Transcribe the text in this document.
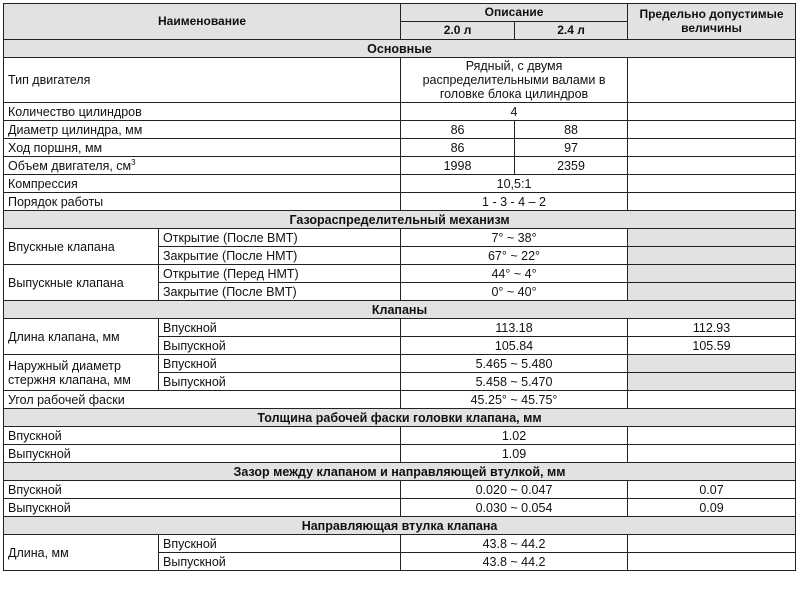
Наименование		Описание		Предельно допустимые величины
		2.0 л	2.4 л	
Основные				
Тип двигателя		Рядный, с двумя распределительными валами в головке блока цилиндров		
Количество цилиндров		4		
Диаметр цилиндра, мм		86	88	
Ход поршня, мм		86	97	
Объем двигателя, $см^3$		1998	2359	
Компрессия		10,5:1		
Порядок работы		1 - 3 - 4 – 2		
Газораспределительный механизм				
Впускные клапана	Открытие (После ВМТ)	7° ~ 38°		
	Закрытие (После НМТ)	67° ~ 22°		
Выпускные клапана	Открытие (Перед НМТ)	44° ~ 4°		
	Закрытие (После ВМТ)	0° ~ 40°		
Клапаны				
Длина клапана, мм	Впускной	113.18		112.93
	Выпускной	105.84		105.59
Наружный диаметр стержня клапана, мм	Впускной	5.465 ~ 5.480		
	Выпускной	5.458 ~ 5.470		
Угол рабочей фаски		45.25° ~ 45.75°		
Толщина рабочей фаски головки клапана, мм				
Впускной		1.02		
Выпускной		1.09		
Зазор между клапаном и направляющей втулкой, мм				
Впускной		0.020 ~ 0.047		0.07
Выпускной		0.030 ~ 0.054		0.09
Направляющая втулка клапана				
Длина, мм	Впускной	43.8 ~ 44.2		
	Выпускной	43.8 ~ 44.2		
